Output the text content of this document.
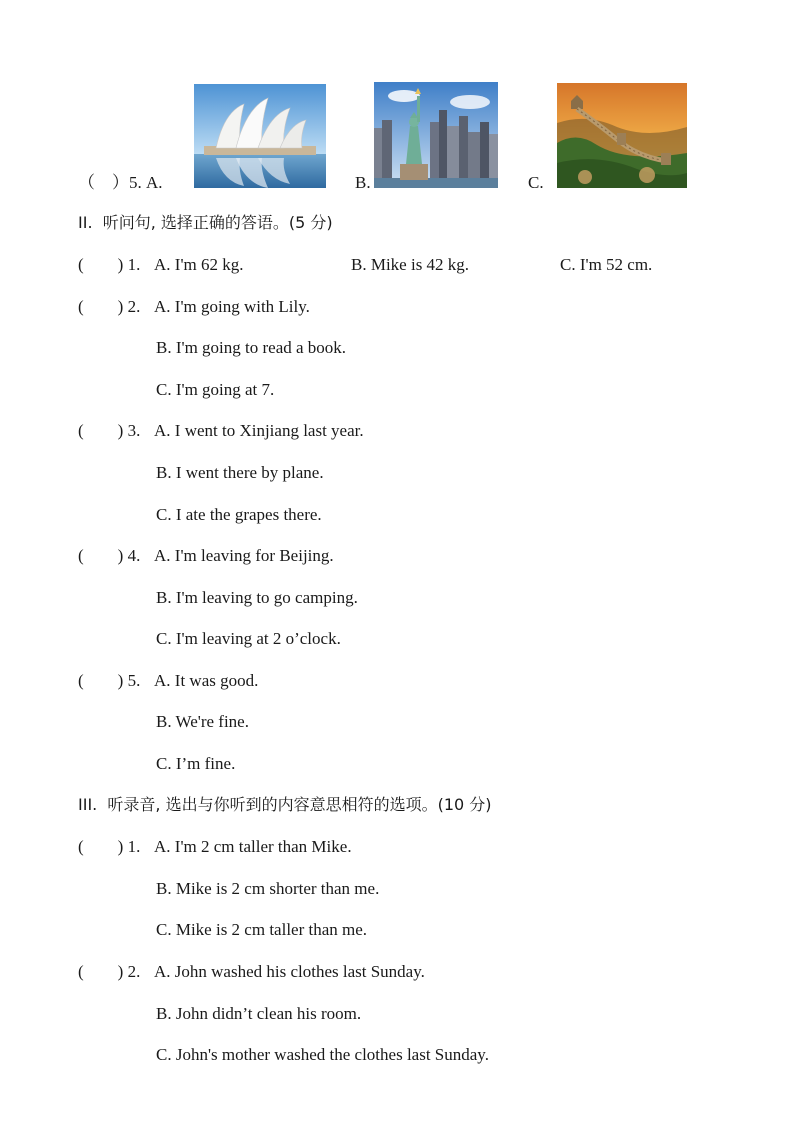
（    ）5. A.	B.	C.
II.  听问句, 选择正确的答语。(5 分)
(        ) 1. A. I'm 62 kg.	B. Mike is 42 kg.	C. I'm 52 cm.
(        ) 2. A. I'm going with Lily.
B. I'm going to read a book.
C. I'm going at 7.
(        ) 3. A. I went to Xinjiang last year.
B. I went there by plane.
C. I ate the grapes there.
(        ) 4. A. I'm leaving for Beijing.
B. I'm leaving to go camping.
C. I'm leaving at 2 o’clock.
(        ) 5. A. It was good.
B. We're fine.
C. I’m fine.
III.  听录音, 选出与你听到的内容意思相符的选项。(10 分)
(        ) 1. A. I'm 2 cm taller than Mike.
B. Mike is 2 cm shorter than me.
C. Mike is 2 cm taller than me.
(        ) 2. A. John washed his clothes last Sunday.
B. John didn’t clean his room.
C. John's mother washed the clothes last Sunday.
